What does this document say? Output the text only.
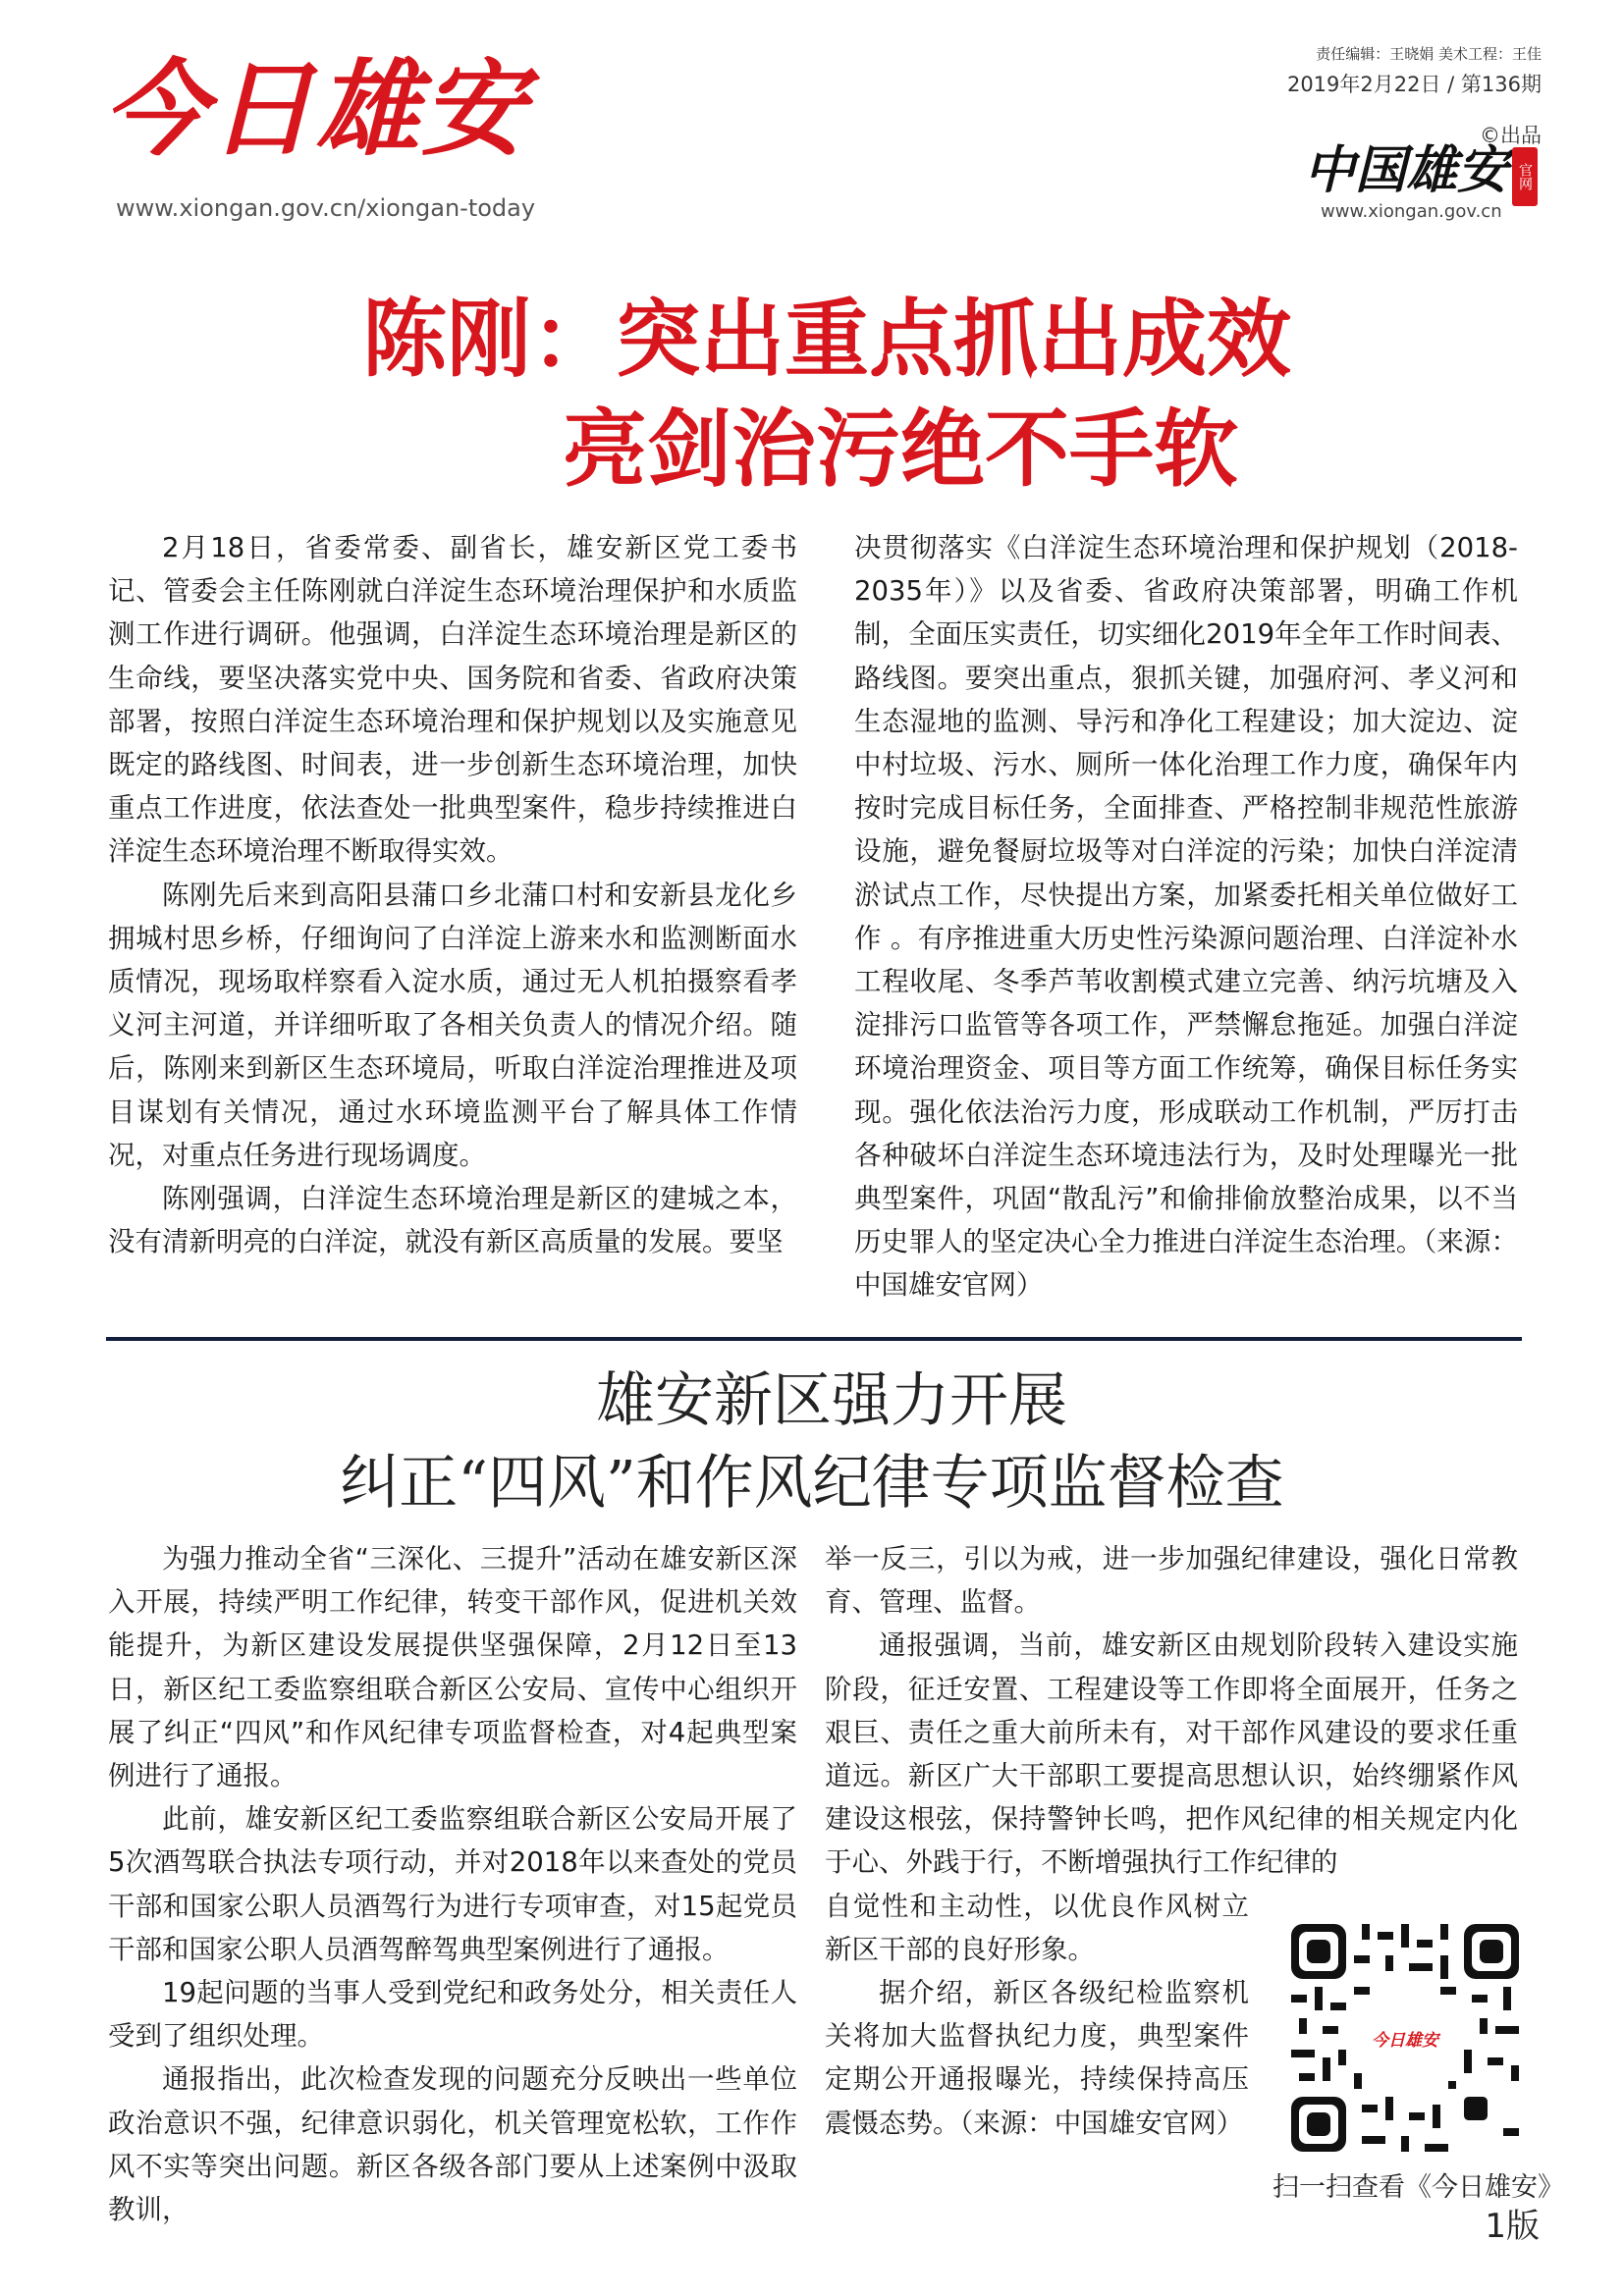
今日雄安
www.xiongan.gov.cn/xiongan-today
责任编辑：王晓娟 美术工程：王佳
2019年2月22日 / 第136期
©出品
中国雄安 官网
www.xiongan.gov.cn
陈刚：突出重点抓出成效
亮剑治污绝不手软

2月18日，省委常委、副省长，雄安新区党工委书记、管委会主任陈刚就白洋淀生态环境治理保护和水质监测工作进行调研。他强调，白洋淀生态环境治理是新区的生命线，要坚决落实党中央、国务院和省委、省政府决策部署，按照白洋淀生态环境治理和保护规划以及实施意见既定的路线图、时间表，进一步创新生态环境治理，加快重点工作进度，依法查处一批典型案件，稳步持续推进白洋淀生态环境治理不断取得实效。

陈刚先后来到高阳县蒲口乡北蒲口村和安新县龙化乡拥城村思乡桥，仔细询问了白洋淀上游来水和监测断面水质情况，现场取样察看入淀水质，通过无人机拍摄察看孝义河主河道，并详细听取了各相关负责人的情况介绍。随后，陈刚来到新区生态环境局，听取白洋淀治理推进及项目谋划有关情况，通过水环境监测平台了解具体工作情况，对重点任务进行现场调度。

陈刚强调，白洋淀生态环境治理是新区的建城之本，没有清新明亮的白洋淀，就没有新区高质量的发展。要坚

决贯彻落实《白洋淀生态环境治理和保护规划（2018-2035年）》以及省委、省政府决策部署，明确工作机制，全面压实责任，切实细化2019年全年工作时间表、路线图。要突出重点，狠抓关键，加强府河、孝义河和生态湿地的监测、导污和净化工程建设；加大淀边、淀中村垃圾、污水、厕所一体化治理工作力度，确保年内按时完成目标任务，全面排查、严格控制非规范性旅游设施，避免餐厨垃圾等对白洋淀的污染；加快白洋淀清淤试点工作，尽快提出方案，加紧委托相关单位做好工作 。有序推进重大历史性污染源问题治理、白洋淀补水工程收尾、冬季芦苇收割模式建立完善、纳污坑塘及入淀排污口监管等各项工作，严禁懈怠拖延。加强白洋淀环境治理资金、项目等方面工作统筹，确保目标任务实现。强化依法治污力度，形成联动工作机制，严厉打击各种破坏白洋淀生态环境违法行为，及时处理曝光一批典型案件，巩固“散乱污”和偷排偷放整治成果，以不当历史罪人的坚定决心全力推进白洋淀生态治理。（来源：中国雄安官网）

雄安新区强力开展
纠正“四风”和作风纪律专项监督检查

为强力推动全省“三深化、三提升”活动在雄安新区深入开展，持续严明工作纪律，转变干部作风，促进机关效能提升，为新区建设发展提供坚强保障，2月12日至13日，新区纪工委监察组联合新区公安局、宣传中心组织开展了纠正“四风”和作风纪律专项监督检查，对4起典型案例进行了通报。

此前，雄安新区纪工委监察组联合新区公安局开展了5次酒驾联合执法专项行动，并对2018年以来查处的党员干部和国家公职人员酒驾行为进行专项审查，对15起党员干部和国家公职人员酒驾醉驾典型案例进行了通报。

19起问题的当事人受到党纪和政务处分，相关责任人受到了组织处理。

通报指出，此次检查发现的问题充分反映出一些单位政治意识不强，纪律意识弱化，机关管理宽松软，工作作风不实等突出问题。新区各级各部门要从上述案例中汲取教训，

举一反三，引以为戒，进一步加强纪律建设，强化日常教育、管理、监督。

通报强调，当前，雄安新区由规划阶段转入建设实施阶段，征迁安置、工程建设等工作即将全面展开，任务之艰巨、责任之重大前所未有，对干部作风建设的要求任重道远。新区广大干部职工要提高思想认识，始终绷紧作风建设这根弦，保持警钟长鸣，把作风纪律的相关规定内化于心、外践于行，不断增强执行工作纪律的

自觉性和主动性，以优良作风树立新区干部的良好形象。

据介绍，新区各级纪检监察机关将加大监督执纪力度，典型案件定期公开通报曝光，持续保持高压震慑态势。（来源：中国雄安官网）

今日雄安
扫一扫查看《今日雄安》
1版
